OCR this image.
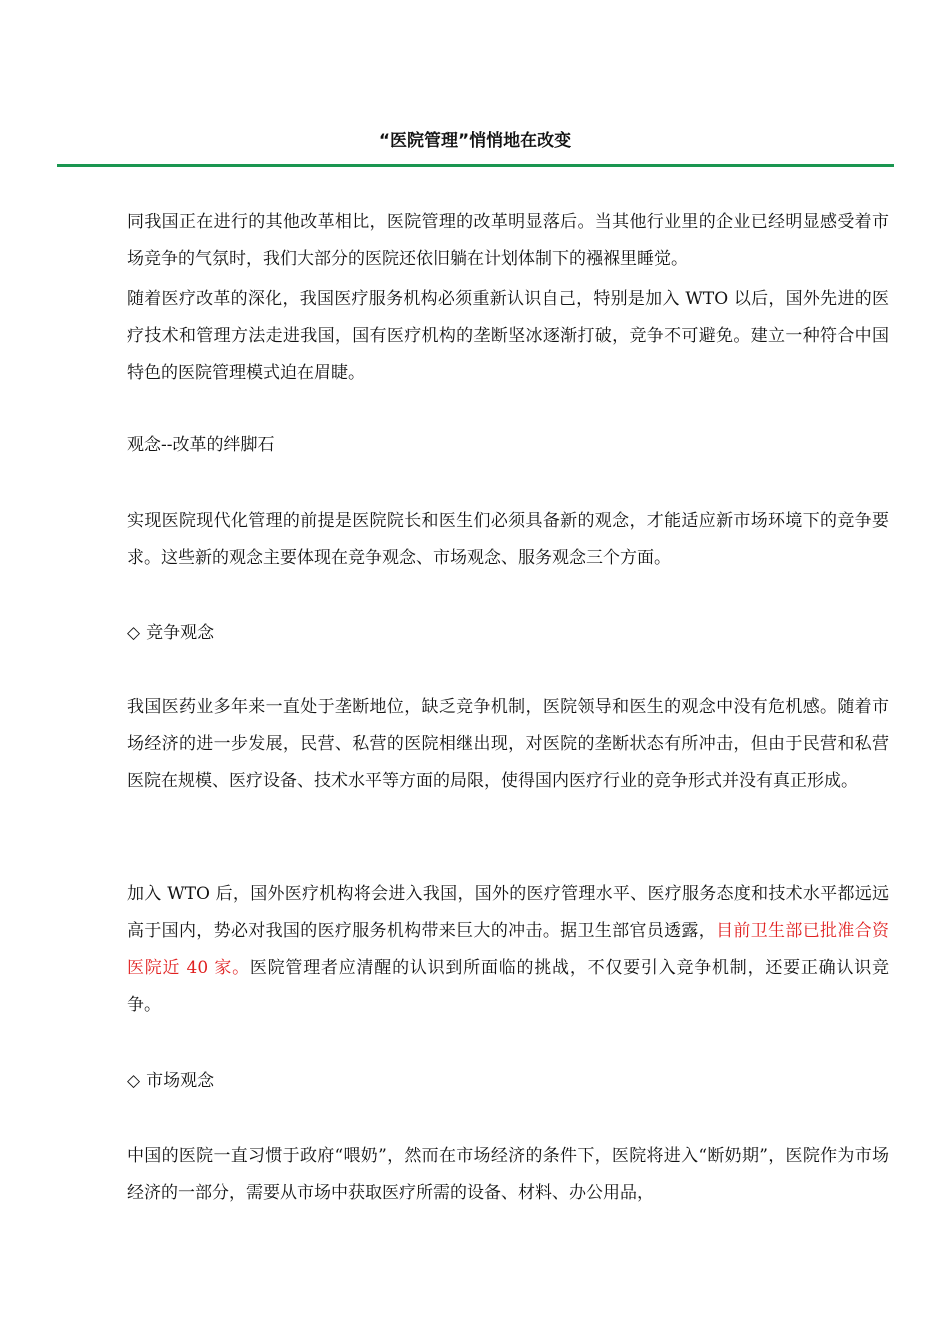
“医院管理”悄悄地在改变

同我国正在进行的其他改革相比，医院管理的改革明显落后。当其他行业里的企业已经明显感受着市场竞争的气氛时，我们大部分的医院还依旧躺在计划体制下的襁褓里睡觉。

随着医疗改革的深化，我国医疗服务机构必须重新认识自己，特别是加入 WTO 以后，国外先进的医疗技术和管理方法走进我国，国有医疗机构的垄断坚冰逐渐打破，竞争不可避免。建立一种符合中国特色的医院管理模式迫在眉睫。

观念--改革的绊脚石

实现医院现代化管理的前提是医院院长和医生们必须具备新的观念，才能适应新市场环境下的竞争要求。这些新的观念主要体现在竞争观念、市场观念、服务观念三个方面。

◇ 竞争观念

我国医药业多年来一直处于垄断地位，缺乏竞争机制，医院领导和医生的观念中没有危机感。随着市场经济的进一步发展，民营、私营的医院相继出现，对医院的垄断状态有所冲击，但由于民营和私营医院在规模、医疗设备、技术水平等方面的局限，使得国内医疗行业的竞争形式并没有真正形成。

加入 WTO 后，国外医疗机构将会进入我国，国外的医疗管理水平、医疗服务态度和技术水平都远远高于国内，势必对我国的医疗服务机构带来巨大的冲击。据卫生部官员透露，目前卫生部已批准合资医院近 40 家。医院管理者应清醒的认识到所面临的挑战，不仅要引入竞争机制，还要正确认识竞争。

◇ 市场观念

中国的医院一直习惯于政府“喂奶”，然而在市场经济的条件下，医院将进入“断奶期”，医院作为市场经济的一部分，需要从市场中获取医疗所需的设备、材料、办公用品，
